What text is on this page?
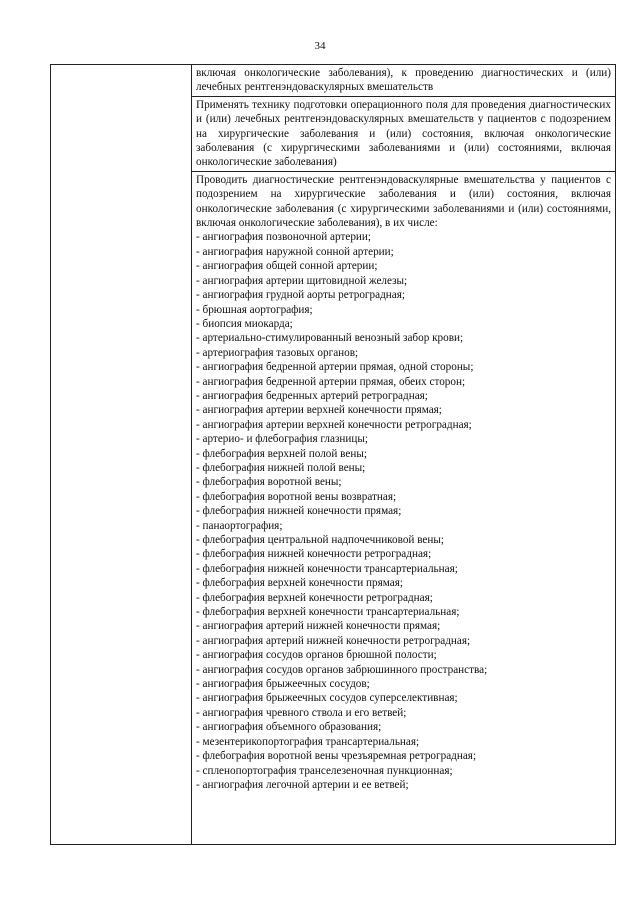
34

включая онкологические заболевания), к проведению диагностических и (или) лечебных рентгенэндоваскулярных вмешательств

Применять технику подготовки операционного поля для проведения диагностических и (или) лечебных рентгенэндоваскулярных вмешательств у пациентов с подозрением на хирургические заболевания и (или) состояния, включая онкологические заболевания (с хирургическими заболеваниями и (или) состояниями, включая онкологические заболевания)

Проводить диагностические рентгенэндоваскулярные вмешательства у пациентов с подозрением на хирургические заболевания и (или) состояния, включая онкологические заболевания (с хирургическими заболеваниями и (или) состояниями, включая онкологические заболевания), в их числе:

- ангиография позвоночной артерии;
- ангиография наружной сонной артерии;
- ангиография общей сонной артерии;
- ангиография артерии щитовидной железы;
- ангиография грудной аорты ретроградная;
- брюшная аортография;
- биопсия миокарда;
- артериально-стимулированный венозный забор крови;
- артериография тазовых органов;
- ангиография бедренной артерии прямая, одной стороны;
- ангиография бедренной артерии прямая, обеих сторон;
- ангиография бедренных артерий ретроградная;
- ангиография артерии верхней конечности прямая;
- ангиография артерии верхней конечности ретроградная;
- артерио- и флебография глазницы;
- флебография верхней полой вены;
- флебография нижней полой вены;
- флебография воротной вены;
- флебография воротной вены возвратная;
- флебография нижней конечности прямая;
- панаортография;
- флебография центральной надпочечниковой вены;
- флебография нижней конечности ретроградная;
- флебография нижней конечности трансартериальная;
- флебография верхней конечности прямая;
- флебография верхней конечности ретроградная;
- флебография верхней конечности трансартериальная;
- ангиография артерий нижней конечности прямая;
- ангиография артерий нижней конечности ретроградная;
- ангиография сосудов органов брюшной полости;
- ангиография сосудов органов забрюшинного пространства;
- ангиография брыжеечных сосудов;
- ангиография брыжеечных сосудов суперселективная;
- ангиография чревного ствола и его ветвей;
- ангиография объемного образования;
- мезентерикопортография трансартериальная;
- флебография воротной вены чрезъяремная ретроградная;
- спленопортография транселезеночная пункционная;
- ангиография легочной артерии и ее ветвей;
